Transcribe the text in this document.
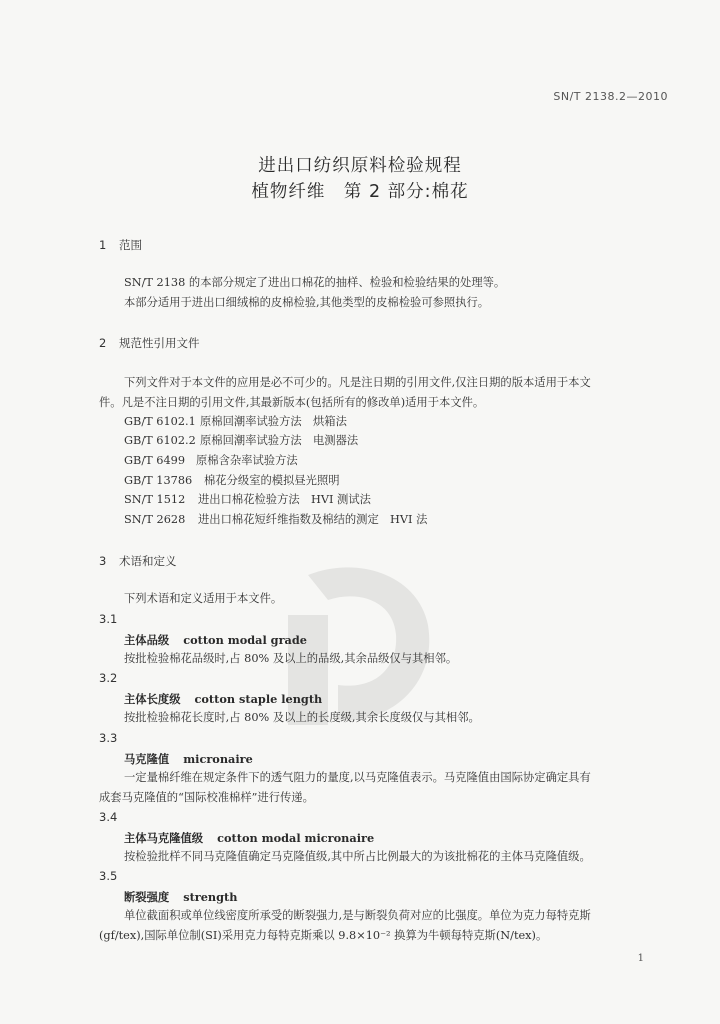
SN/T 2138.2—2010
进出口纺织原料检验规程
植物纤维　第 2 部分:棉花
1 范围
SN/T 2138 的本部分规定了进出口棉花的抽样、检验和检验结果的处理等。
本部分适用于进出口细绒棉的皮棉检验,其他类型的皮棉检验可参照执行。
2 规范性引用文件
下列文件对于本文件的应用是必不可少的。凡是注日期的引用文件,仅注日期的版本适用于本文
件。凡是不注日期的引用文件,其最新版本(包括所有的修改单)适用于本文件。
GB/T 6102.1 原棉回潮率试验方法　烘箱法
GB/T 6102.2 原棉回潮率试验方法　电测器法
GB/T 6499 原棉含杂率试验方法
GB/T 13786 棉花分级室的模拟昼光照明
SN/T 1512 进出口棉花检验方法　HVI 测试法
SN/T 2628 进出口棉花短纤维指数及棉结的测定　HVI 法
3 术语和定义
下列术语和定义适用于本文件。
3.1
主体品级 cotton modal grade
按批检验棉花品级时,占 80% 及以上的品级,其余品级仅与其相邻。
3.2
主体长度级 cotton staple length
按批检验棉花长度时,占 80% 及以上的长度级,其余长度级仅与其相邻。
3.3
马克隆值 micronaire
一定量棉纤维在规定条件下的透气阻力的量度,以马克隆值表示。马克隆值由国际协定确定具有
成套马克隆值的“国际校准棉样”进行传递。
3.4
主体马克隆值级 cotton modal micronaire
按检验批样不同马克隆值确定马克隆值级,其中所占比例最大的为该批棉花的主体马克隆值级。
3.5
断裂强度 strength
单位截面积或单位线密度所承受的断裂强力,是与断裂负荷对应的比强度。单位为克力每特克斯
(gf/tex),国际单位制(SI)采用克力每特克斯乘以 9.8×10⁻² 换算为牛顿每特克斯(N/tex)。
1
